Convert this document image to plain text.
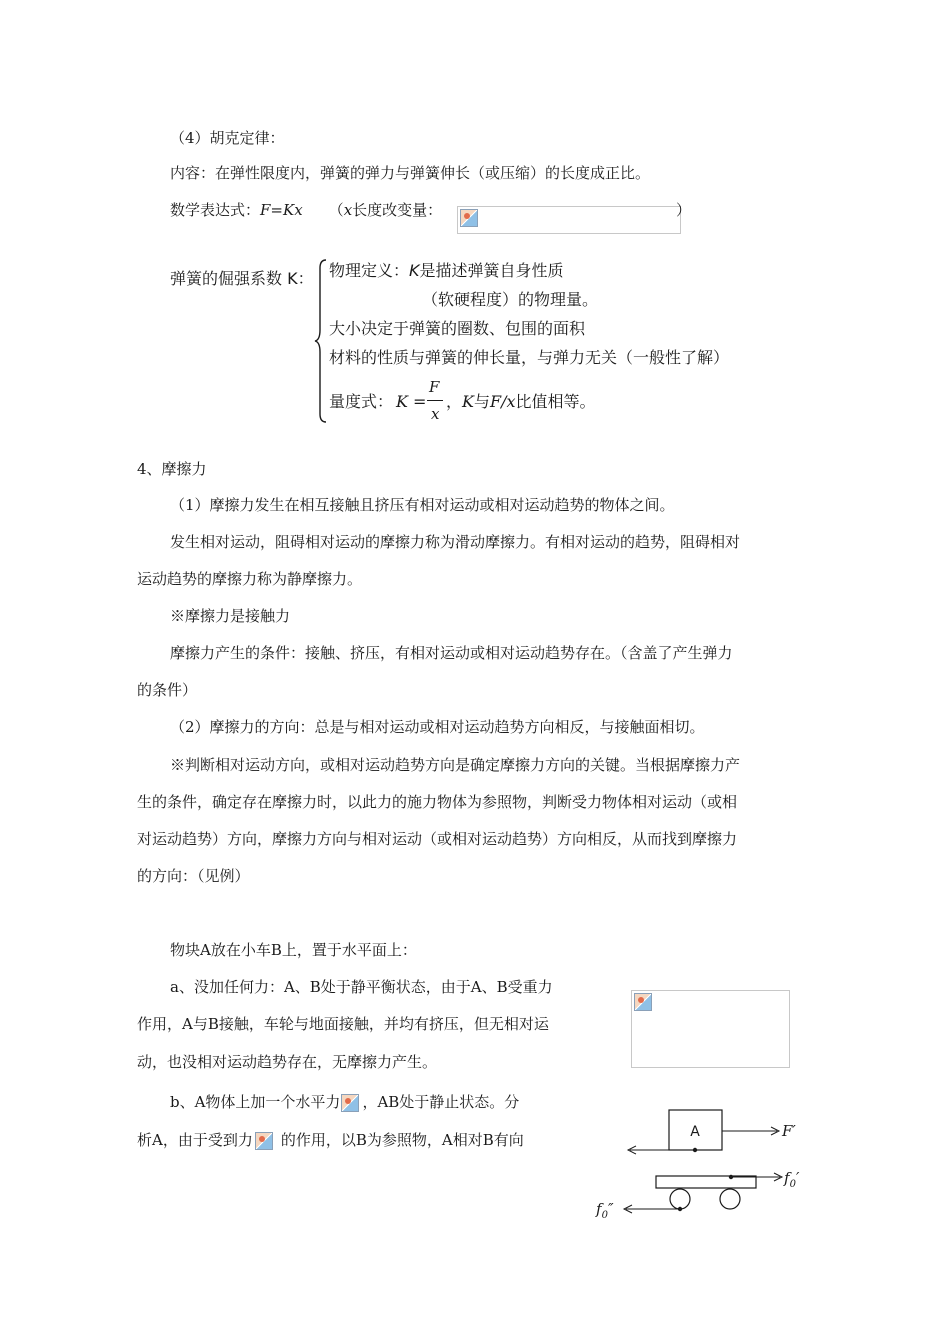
（4）胡克定律：
内容：在弹性限度内，弹簧的弹力与弹簧伸长（或压缩）的长度成正比。
数学表达式：F=Kx （x长度改变量：	）
弹簧的倔强系数 K： 物理定义：K是描述弹簧自身性质
（软硬程度）的物理量。
大小决定于弹簧的圈数、包围的面积
材料的性质与弹簧的伸长量，与弹力无关（一般性了解）
量度式： K =
F
x
，K与F/x比值相等。
4、摩擦力
（1）摩擦力发生在相互接触且挤压有相对运动或相对运动趋势的物体之间。
发生相对运动，阻碍相对运动的摩擦力称为滑动摩擦力。有相对运动的趋势，阻碍相对
运动趋势的摩擦力称为静摩擦力。
※摩擦力是接触力
摩擦力产生的条件：接触、挤压，有相对运动或相对运动趋势存在。（含盖了产生弹力
的条件）
（2）摩擦力的方向：总是与相对运动或相对运动趋势方向相反，与接触面相切。
※判断相对运动方向，或相对运动趋势方向是确定摩擦力方向的关键。当根据摩擦力产
生的条件，确定存在摩擦力时，以此力的施力物体为参照物，判断受力物体相对运动（或相
对运动趋势）方向，摩擦力方向与相对运动（或相对运动趋势）方向相反，从而找到摩擦力
的方向：（见例）
物块A放在小车B上，置于水平面上：
a、没加任何力：A、B处于静平衡状态，由于A、B受重力
作用，A与B接触，车轮与地面接触，并均有挤压，但无相对运
动，也没相对运动趋势存在，无摩擦力产生。
b、A物体上加一个水平力 ，AB处于静止状态。分
析A，由于受到力 的作用，以B为参照物，A相对B有向	A	F′
$f_0'$
$f_0''$
